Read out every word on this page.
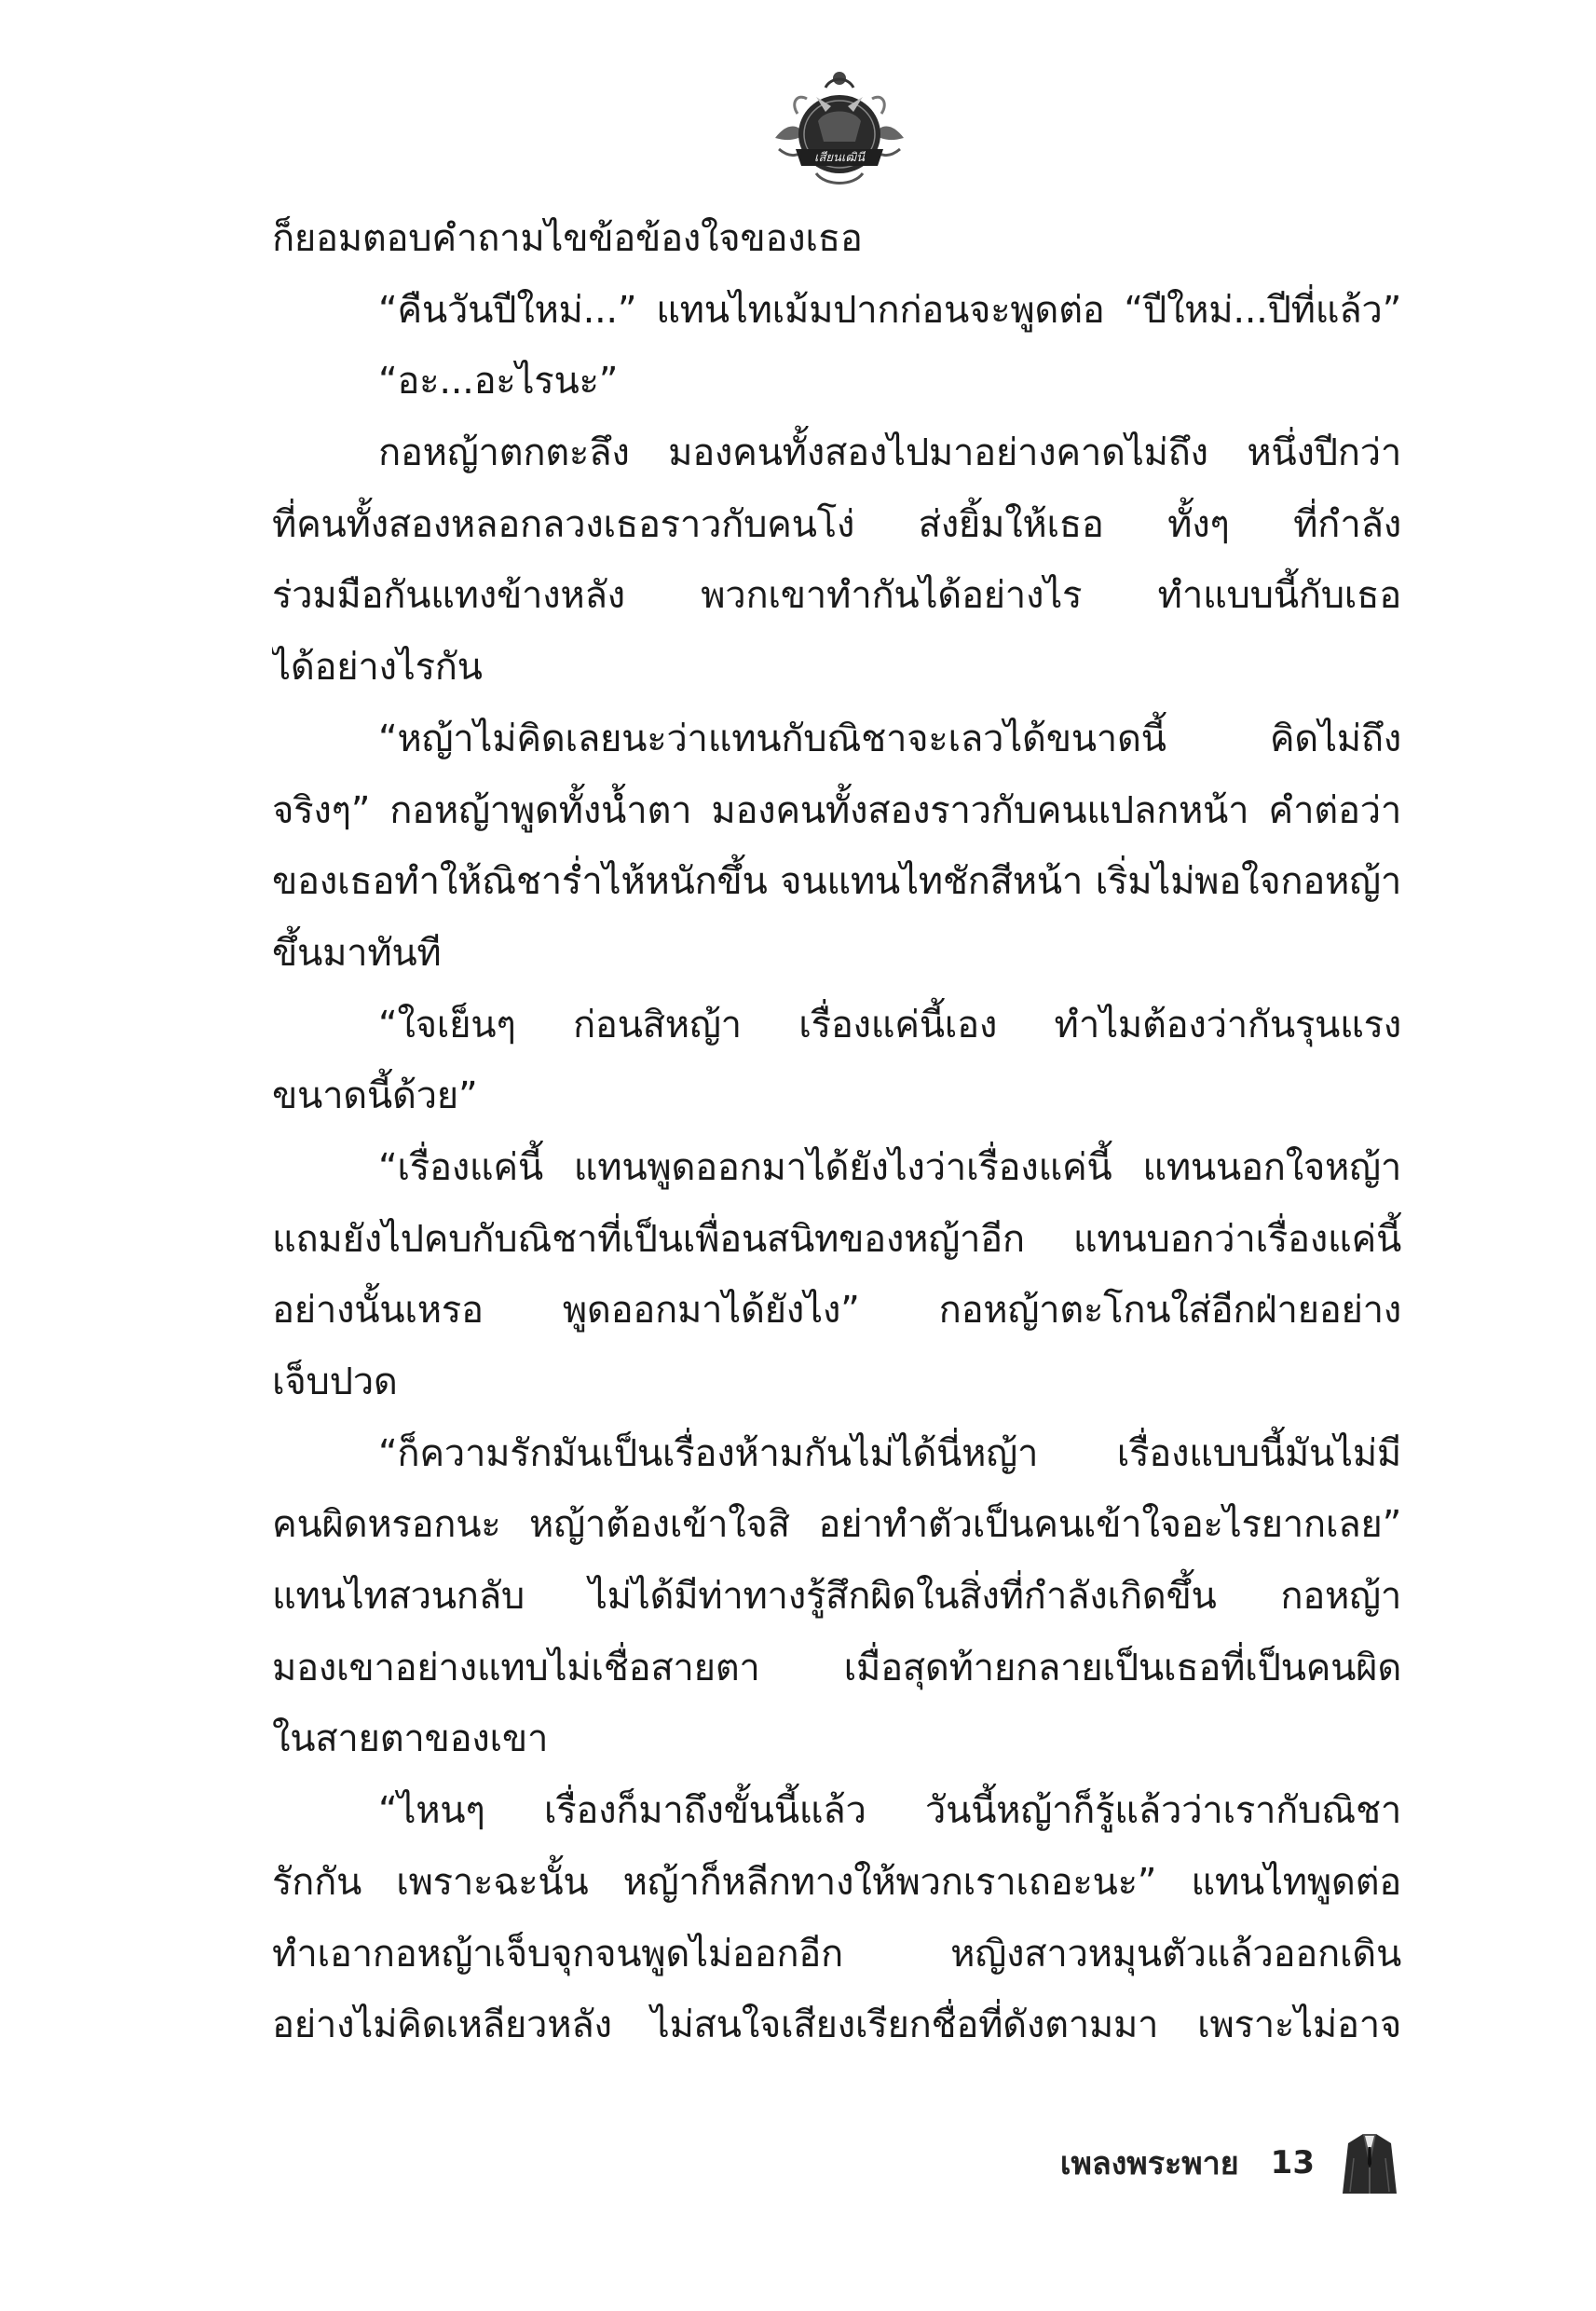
เสียนเฒินี
ก็ยอมตอบคำถามไขข้อข้องใจของเธอ
“คืนวันปีใหม่...” แทนไทเม้มปากก่อนจะพูดต่อ “ปีใหม่...ปีที่แล้ว”
“อะ...อะไรนะ”
กอหญ้าตกตะลึง มองคนทั้งสองไปมาอย่างคาดไม่ถึง หนึ่งปีกว่า
ที่คนทั้งสองหลอกลวงเธอราวกับคนโง่ ส่งยิ้มให้เธอ ทั้งๆ ที่กำลัง
ร่วมมือกันแทงข้างหลัง พวกเขาทำกันได้อย่างไร ทำแบบนี้กับเธอ
ได้อย่างไรกัน
“หญ้าไม่คิดเลยนะว่าแทนกับณิชาจะเลวได้ขนาดนี้ คิดไม่ถึง
จริงๆ” กอหญ้าพูดทั้งน้ำตา มองคนทั้งสองราวกับคนแปลกหน้า คำต่อว่า
ของเธอทำให้ณิชาร่ำไห้หนักขึ้น จนแทนไทชักสีหน้า เริ่มไม่พอใจกอหญ้า
ขึ้นมาทันที
“ใจเย็นๆ ก่อนสิหญ้า เรื่องแค่นี้เอง ทำไมต้องว่ากันรุนแรง
ขนาดนี้ด้วย”
“เรื่องแค่นี้ แทนพูดออกมาได้ยังไงว่าเรื่องแค่นี้ แทนนอกใจหญ้า
แถมยังไปคบกับณิชาที่เป็นเพื่อนสนิทของหญ้าอีก แทนบอกว่าเรื่องแค่นี้
อย่างนั้นเหรอ พูดออกมาได้ยังไง” กอหญ้าตะโกนใส่อีกฝ่ายอย่าง
เจ็บปวด
“ก็ความรักมันเป็นเรื่องห้ามกันไม่ได้นี่หญ้า เรื่องแบบนี้มันไม่มี
คนผิดหรอกนะ หญ้าต้องเข้าใจสิ อย่าทำตัวเป็นคนเข้าใจอะไรยากเลย”
แทนไทสวนกลับ ไม่ได้มีท่าทางรู้สึกผิดในสิ่งที่กำลังเกิดขึ้น กอหญ้า
มองเขาอย่างแทบไม่เชื่อสายตา เมื่อสุดท้ายกลายเป็นเธอที่เป็นคนผิด
ในสายตาของเขา
“ไหนๆ เรื่องก็มาถึงขั้นนี้แล้ว วันนี้หญ้าก็รู้แล้วว่าเรากับณิชา
รักกัน เพราะฉะนั้น หญ้าก็หลีกทางให้พวกเราเถอะนะ” แทนไทพูดต่อ
ทำเอากอหญ้าเจ็บจุกจนพูดไม่ออกอีก หญิงสาวหมุนตัวแล้วออกเดิน
อย่างไม่คิดเหลียวหลัง ไม่สนใจเสียงเรียกชื่อที่ดังตามมา เพราะไม่อาจ
เพลงพระพาย 13
